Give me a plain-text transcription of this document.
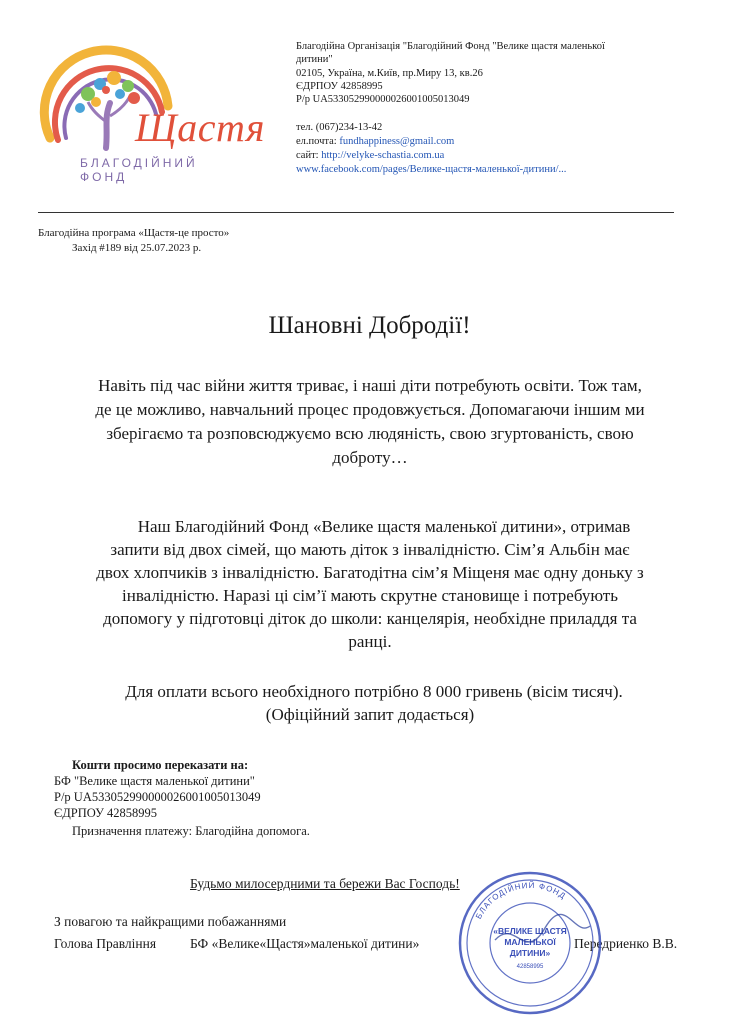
Щастя
БЛАГОДІЙНИЙ ФОНД
Благодійна Організація "Благодійний Фонд "Велике щастя маленької
дитини"
02105, Україна, м.Київ, пр.Миру 13, кв.26
ЄДРПОУ 42858995
Р/р UA533052990000026001005013049
тел. (067)234-13-42
ел.почта: fundhappiness@gmail.com
сайт: http://velyke-schastia.com.ua
www.facebook.com/pages/Велике-щастя-маленької-дитини/...
Благодійна програма «Щастя-це просто»
Захід #189 від 25.07.2023 р.
Шановні Добродії!
Навіть під час війни життя триває, і наші діти потребують освіти. Тож там,
де це можливо, навчальний процес продовжується. Допомагаючи іншим ми
зберігаємо та розповсюджуємо всю людяність, свою згуртованість, свою
доброту…
Наш Благодійний Фонд «Велике щастя маленької дитини», отримав
запити від двох сімей, що мають діток з інвалідністю. Сім’я Альбін має
двох хлопчиків з інвалідністю. Багатодітна сім’я Міщеня має одну доньку з
інвалідністю. Наразі ці сім’ї мають скрутне становище і потребують
допомогу у підготовці діток до школи: канцелярія, необхідне приладдя та
ранці.
Для оплати всього необхідного потрібно 8 000 гривень (вісім тисяч).
(Офіційний запит додається)
Кошти просимо переказати на:
БФ "Велике щастя маленької дитини"
Р/р UA533052990000026001005013049
ЄДРПОУ 42858995
Призначення платежу: Благодійна допомога.
Будьмо милосердними та бережи Вас Господь!
З повагою та найкращими побажаннями
Голова Правління	БФ «Велике«Щастя»маленької дитини»	Передриенко В.В.
БЛАГОДІЙНИЙ ФОНД
«ВЕЛИКЕ ЩАСТЯ
МАЛЕНЬКОЇ
ДИТИНИ»
42858995
